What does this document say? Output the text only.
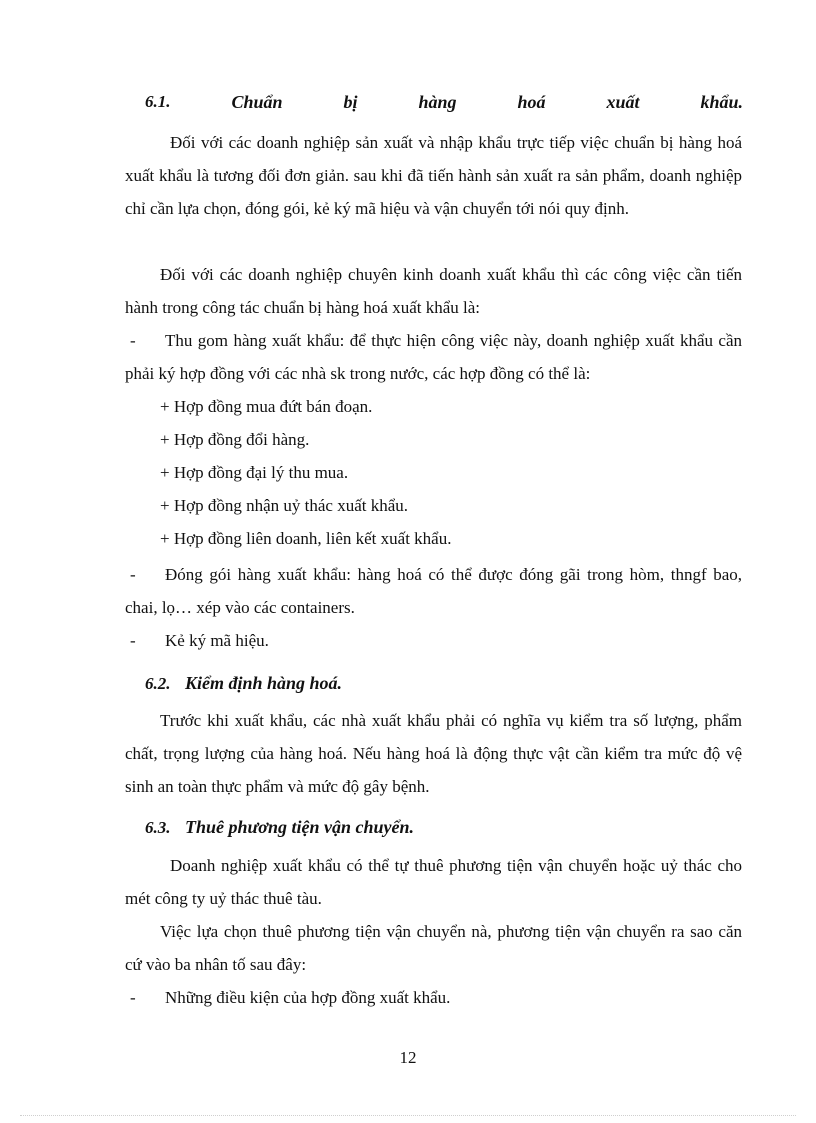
6.1.	Chuẩn	bị	hàng	hoá	xuất	khẩu.

Đối với các doanh nghiệp sản xuất và nhập khẩu trực tiếp việc chuẩn bị hàng hoá xuất khẩu là tương đối đơn giản. sau khi đã tiến hành sản xuất ra sản phẩm, doanh nghiệp chỉ cần lựa chọn, đóng gói, kẻ ký mã hiệu và vận chuyển tới nói quy định.

Đối với các doanh nghiệp chuyên kinh doanh xuất khẩu thì các công việc cần tiến hành trong công tác chuẩn bị hàng hoá xuất khẩu là:

- Thu gom hàng xuất khẩu: để thực hiện công việc này, doanh nghiệp xuất khẩu cần phải ký hợp đồng với các nhà sk trong nước, các hợp đồng có thể là:

+ Hợp đồng mua đứt bán đoạn.

+ Hợp đồng đổi hàng.

+ Hợp đồng đại lý thu mua.

+ Hợp đồng nhận uỷ thác xuất khẩu.

+ Hợp đồng liên doanh, liên kết xuất khẩu.

- Đóng gói hàng xuất khẩu: hàng hoá có thể được đóng gãi trong hòm, thngf bao, chai, lọ… xép vào các containers.

- Kẻ ký mã hiệu.

6.2. Kiểm định hàng hoá.

Trước khi xuất khẩu, các nhà xuất khẩu phải có nghĩa vụ kiểm tra số lượng, phẩm chất, trọng lượng của hàng hoá. Nếu hàng hoá là động thực vật cần kiểm tra mức độ vệ sinh an toàn thực phẩm và mức độ gây bệnh.

6.3. Thuê phương tiện vận chuyển.

Doanh nghiệp xuất khẩu có thể tự thuê phương tiện vận chuyển hoặc uỷ thác cho mét công ty uỷ thác thuê tàu.

Việc lựa chọn thuê phương tiện vận chuyển nà, phương tiện vận chuyển ra sao căn cứ vào ba nhân tố sau đây:

- Những điều kiện của hợp đồng xuất khẩu.

12
